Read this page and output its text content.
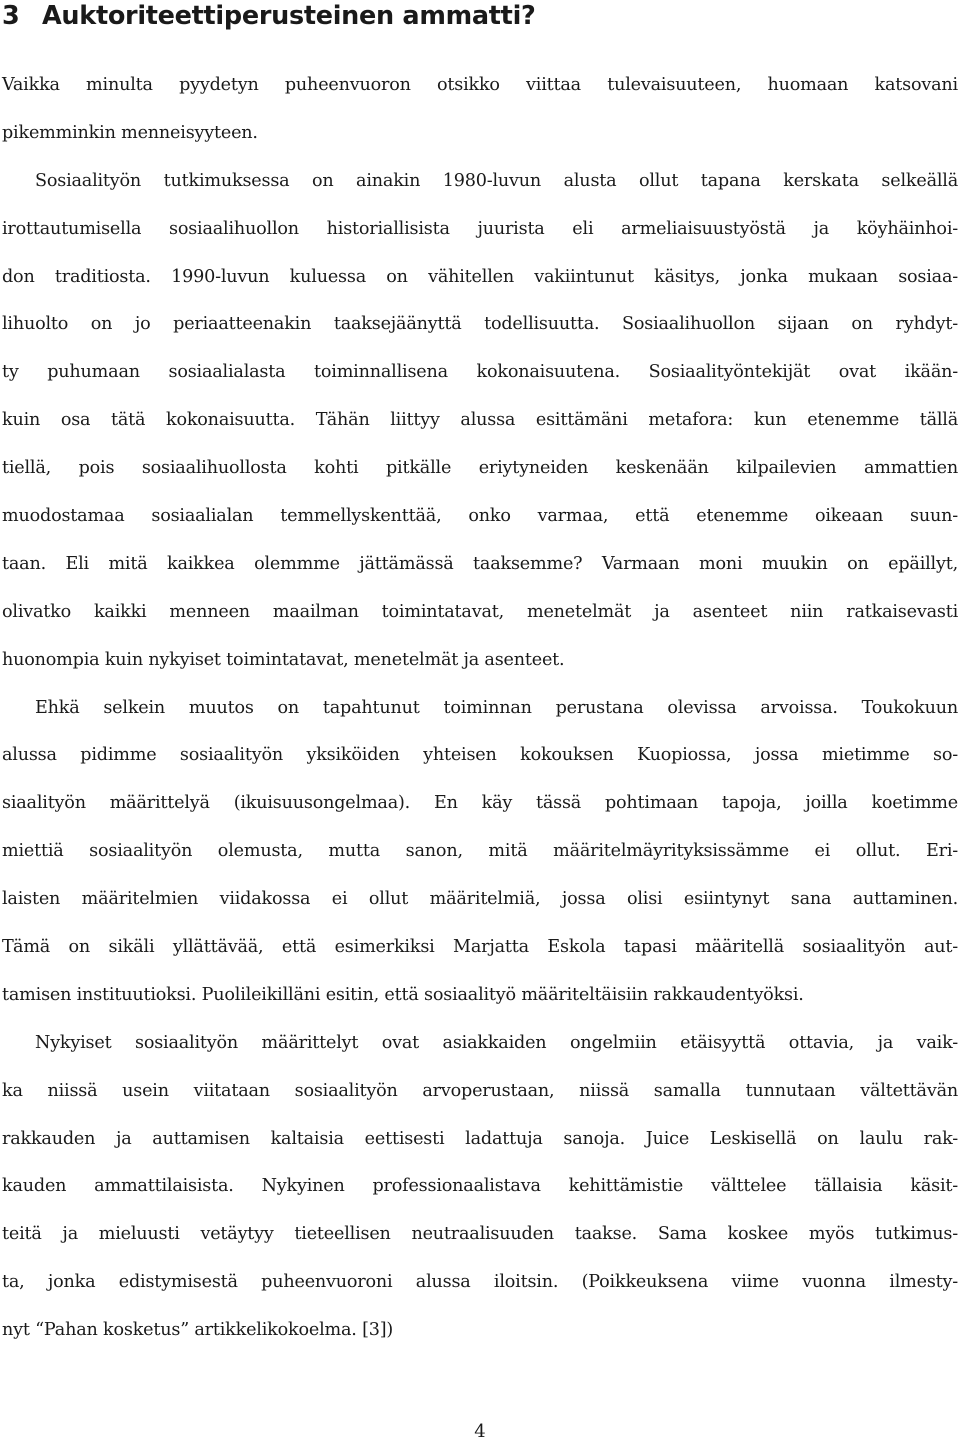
3 Auktoriteettiperusteinen ammatti?
Vaikka minulta pyydetyn puheenvuoron otsikko viittaa tulevaisuuteen, huomaan katsovani
pikemminkin menneisyyteen.
Sosiaalityön tutkimuksessa on ainakin 1980-luvun alusta ollut tapana kerskata selkeällä
irottautumisella sosiaalihuollon historiallisista juurista eli armeliaisuustyöstä ja köyhäinhoi-
don traditiosta. 1990-luvun kuluessa on vähitellen vakiintunut käsitys, jonka mukaan sosiaa-
lihuolto on jo periaatteenakin taaksejäänyttä todellisuutta. Sosiaalihuollon sijaan on ryhdyt-
ty puhumaan sosiaalialasta toiminnallisena kokonaisuutena. Sosiaalityöntekijät ovat ikään-
kuin osa tätä kokonaisuutta. Tähän liittyy alussa esittämäni metafora: kun etenemme tällä
tiellä, pois sosiaalihuollosta kohti pitkälle eriytyneiden keskenään kilpailevien ammattien
muodostamaa sosiaalialan temmellyskenttää, onko varmaa, että etenemme oikeaan suun-
taan. Eli mitä kaikkea olemmme jättämässä taaksemme? Varmaan moni muukin on epäillyt,
olivatko kaikki menneen maailman toimintatavat, menetelmät ja asenteet niin ratkaisevasti
huonompia kuin nykyiset toimintatavat, menetelmät ja asenteet.
Ehkä selkein muutos on tapahtunut toiminnan perustana olevissa arvoissa. Toukokuun
alussa pidimme sosiaalityön yksiköiden yhteisen kokouksen Kuopiossa, jossa mietimme so-
siaalityön määrittelyä (ikuisuusongelmaa). En käy tässä pohtimaan tapoja, joilla koetimme
miettiä sosiaalityön olemusta, mutta sanon, mitä määritelmäyrityksissämme ei ollut. Eri-
laisten määritelmien viidakossa ei ollut määritelmiä, jossa olisi esiintynyt sana auttaminen.
Tämä on sikäli yllättävää, että esimerkiksi Marjatta Eskola tapasi määritellä sosiaalityön aut-
tamisen instituutioksi. Puolileikilläni esitin, että sosiaalityö määriteltäisiin rakkaudentyöksi.
Nykyiset sosiaalityön määrittelyt ovat asiakkaiden ongelmiin etäisyyttä ottavia, ja vaik-
ka niissä usein viitataan sosiaalityön arvoperustaan, niissä samalla tunnutaan vältettävän
rakkauden ja auttamisen kaltaisia eettisesti ladattuja sanoja. Juice Leskisellä on laulu rak-
kauden ammattilaisista. Nykyinen professionaalistava kehittämistie välttelee tällaisia käsit-
teitä ja mieluusti vetäytyy tieteellisen neutraalisuuden taakse. Sama koskee myös tutkimus-
ta, jonka edistymisestä puheenvuoroni alussa iloitsin. (Poikkeuksena viime vuonna ilmesty-
nyt “Pahan kosketus” artikkelikokoelma. [3])
4
